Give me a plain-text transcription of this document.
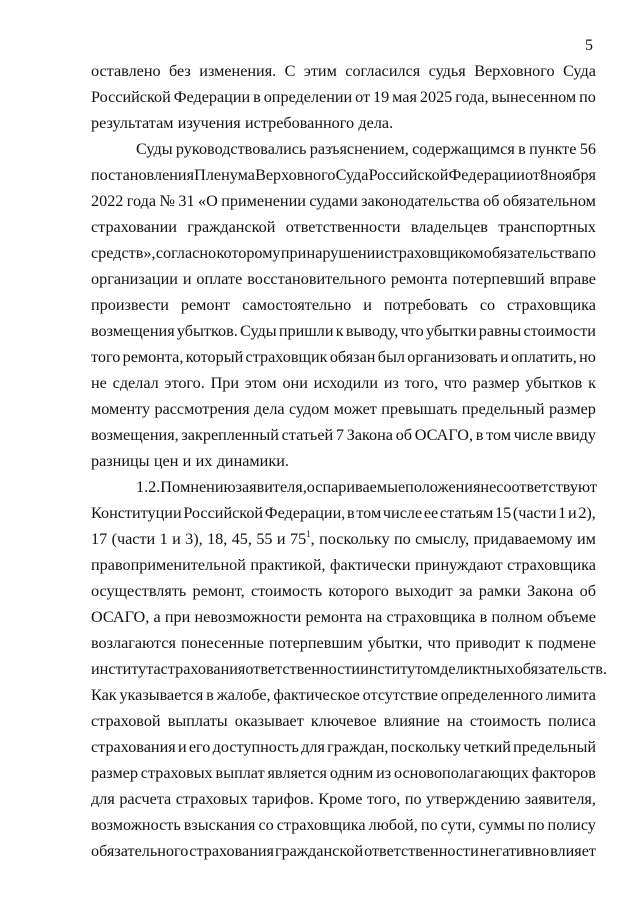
5
оставлено без изменения. С этим согласился судья Верховного Суда
Российской Федерации в определении от 19 мая 2025 года, вынесенном по
результатам изучения истребованного дела.
Суды руководствовались разъяснением, содержащимся в пункте 56
постановления Пленума Верховного Суда Российской Федерации от 8 ноября
2022 года № 31 «О применении судами законодательства об обязательном
страховании гражданской ответственности владельцев транспортных
средств», согласно которому при нарушении страховщиком обязательства по
организации и оплате восстановительного ремонта потерпевший вправе
произвести ремонт самостоятельно и потребовать со страховщика
возмещения убытков. Суды пришли к выводу, что убытки равны стоимости
того ремонта, который страховщик обязан был организовать и оплатить, но
не сделал этого. При этом они исходили из того, что размер убытков к
моменту рассмотрения дела судом может превышать предельный размер
возмещения, закрепленный статьей 7 Закона об ОСАГО, в том числе ввиду
разницы цен и их динамики.
1.2. По мнению заявителя, оспариваемые положения не соответствуют
Конституции Российской Федерации, в том числе ее статьям 15 (части 1 и 2),
17 (части 1 и 3), 18, 45, 55 и $75^1$, поскольку по смыслу, придаваемому им
правоприменительной практикой, фактически принуждают страховщика
осуществлять ремонт, стоимость которого выходит за рамки Закона об
ОСАГО, а при невозможности ремонта на страховщика в полном объеме
возлагаются понесенные потерпевшим убытки, что приводит к подмене
института страхования ответственности институтом деликтных обязательств.
Как указывается в жалобе, фактическое отсутствие определенного лимита
страховой выплаты оказывает ключевое влияние на стоимость полиса
страхования и его доступность для граждан, поскольку четкий предельный
размер страховых выплат является одним из основополагающих факторов
для расчета страховых тарифов. Кроме того, по утверждению заявителя,
возможность взыскания со страховщика любой, по сути, суммы по полису
обязательного страхования гражданской ответственности негативно влияет
